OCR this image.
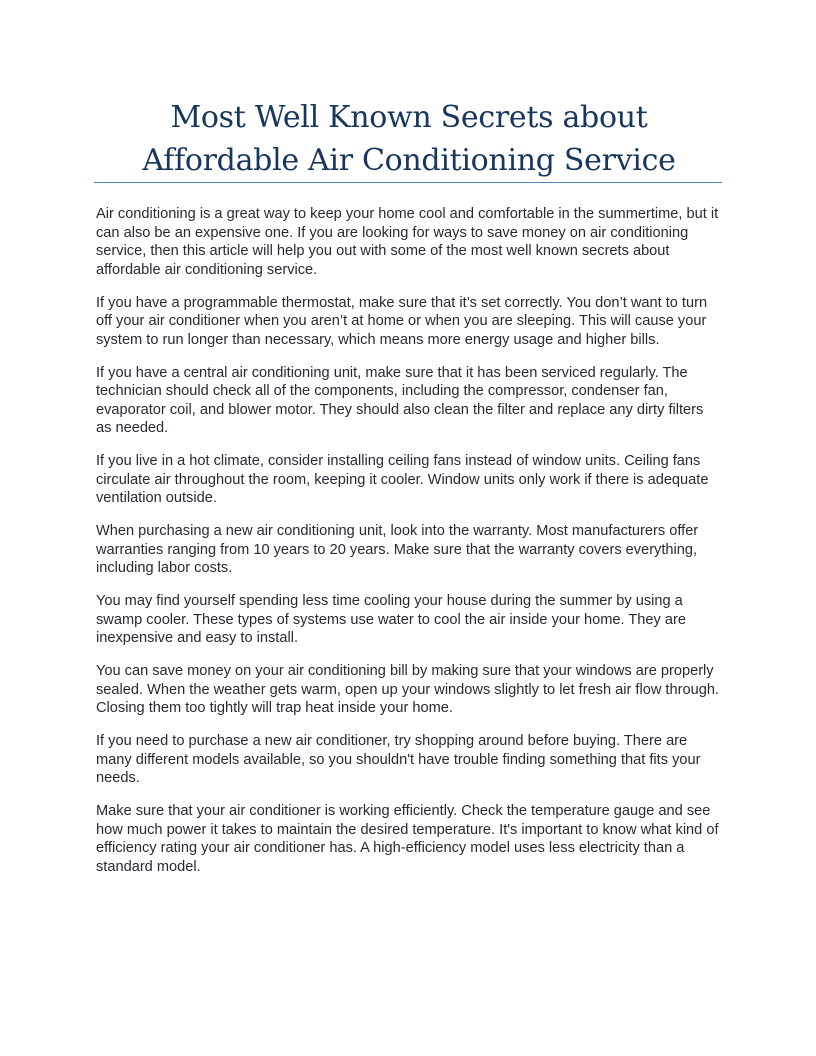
Most Well Known Secrets about
Affordable Air Conditioning Service

Air conditioning is a great way to keep your home cool and comfortable in the summertime, but it can also be an expensive one. If you are looking for ways to save money on air conditioning service, then this article will help you out with some of the most well known secrets about affordable air conditioning service.

If you have a programmable thermostat, make sure that it’s set correctly. You don’t want to turn off your air conditioner when you aren’t at home or when you are sleeping. This will cause your system to run longer than necessary, which means more energy usage and higher bills.

If you have a central air conditioning unit, make sure that it has been serviced regularly. The technician should check all of the components, including the compressor, condenser fan, evaporator coil, and blower motor. They should also clean the filter and replace any dirty filters as needed.

If you live in a hot climate, consider installing ceiling fans instead of window units. Ceiling fans circulate air throughout the room, keeping it cooler. Window units only work if there is adequate ventilation outside.

When purchasing a new air conditioning unit, look into the warranty. Most manufacturers offer warranties ranging from 10 years to 20 years. Make sure that the warranty covers everything, including labor costs.

You may find yourself spending less time cooling your house during the summer by using a swamp cooler. These types of systems use water to cool the air inside your home. They are inexpensive and easy to install.

You can save money on your air conditioning bill by making sure that your windows are properly sealed. When the weather gets warm, open up your windows slightly to let fresh air flow through. Closing them too tightly will trap heat inside your home.

If you need to purchase a new air conditioner, try shopping around before buying. There are many different models available, so you shouldn't have trouble finding something that fits your needs.

Make sure that your air conditioner is working efficiently. Check the temperature gauge and see how much power it takes to maintain the desired temperature. It's important to know what kind of efficiency rating your air conditioner has. A high-efficiency model uses less electricity than a standard model.
